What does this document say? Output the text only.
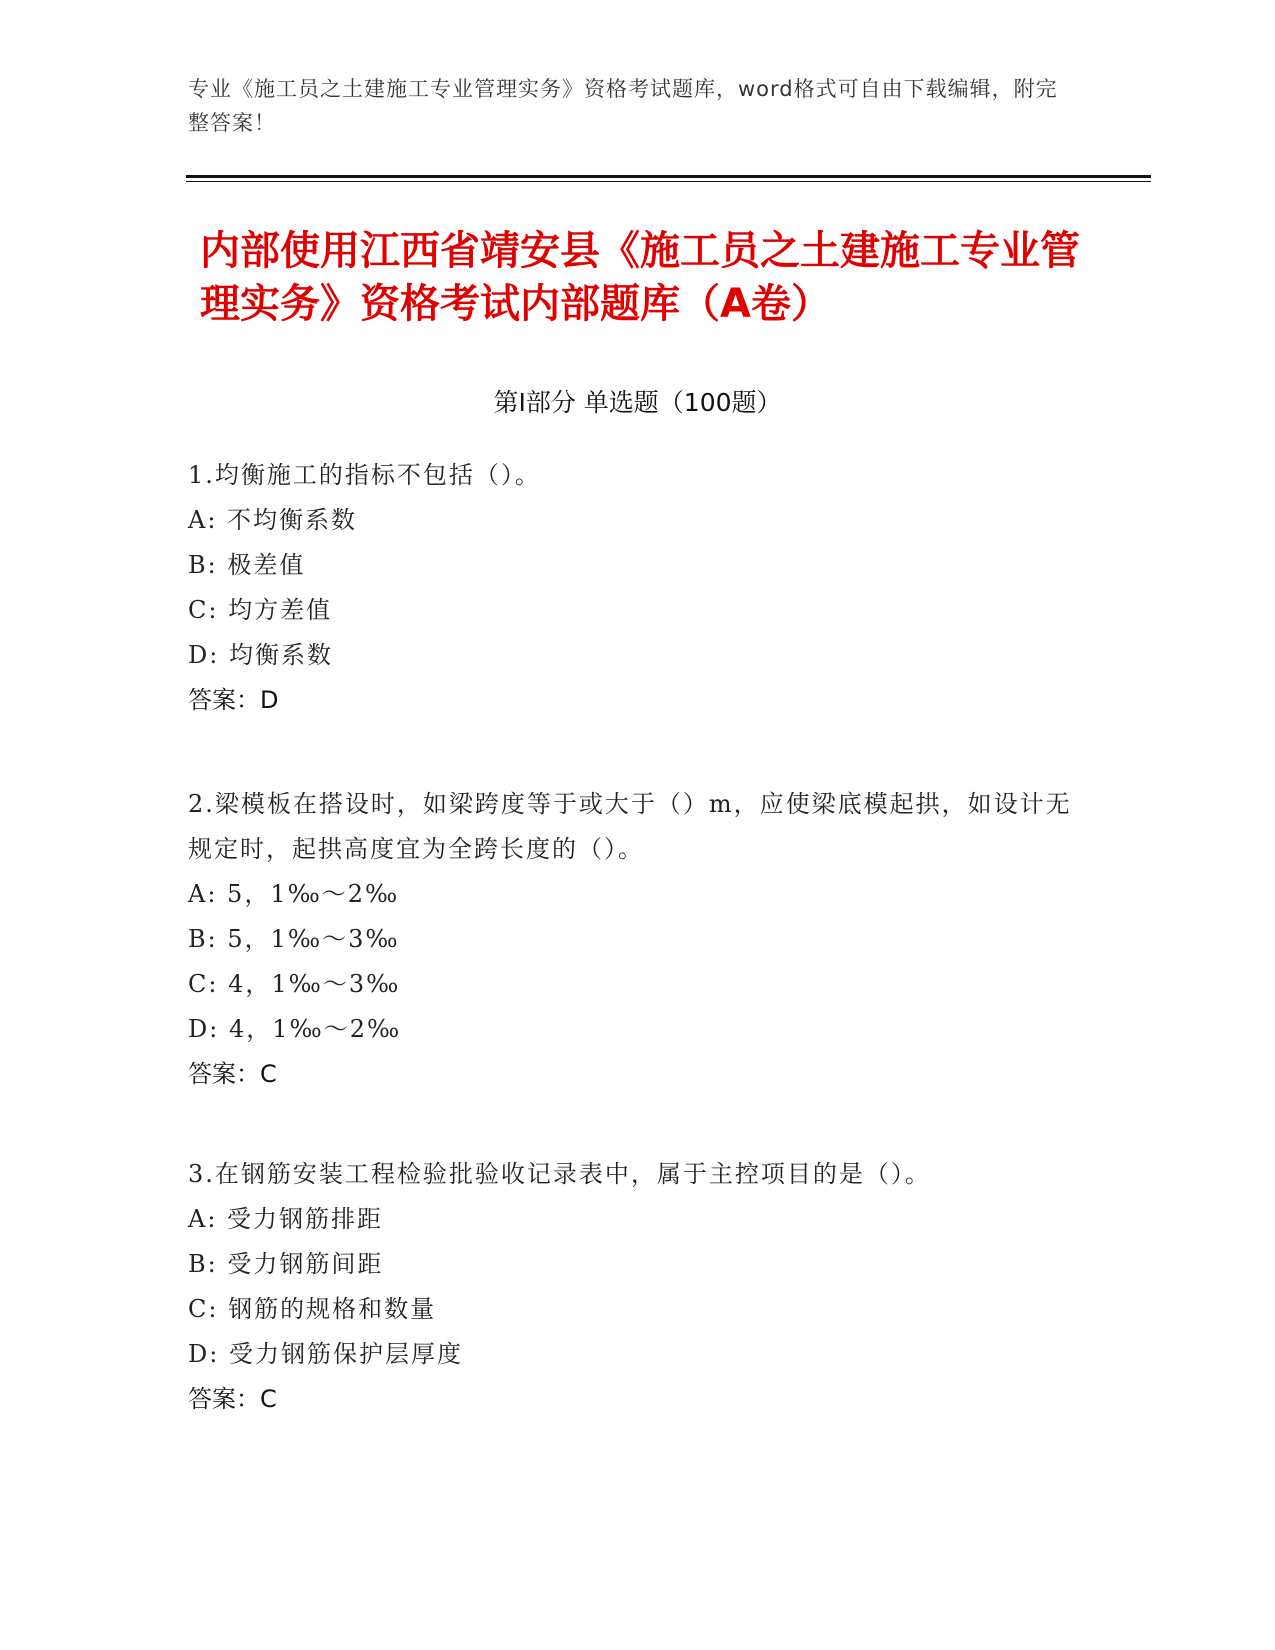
专业《施工员之土建施工专业管理实务》资格考试题库，word格式可自由下载编辑，附完整答案！
内部使用江西省靖安县《施工员之土建施工专业管理实务》资格考试内部题库（A卷）
第Ⅰ部分 单选题（100题）
1.均衡施工的指标不包括（）。
A: 不均衡系数
B: 极差值
C: 均方差值
D: 均衡系数
答案：D
2.梁模板在搭设时，如梁跨度等于或大于（）m，应使梁底模起拱，如设计无规定时，起拱高度宜为全跨长度的（）。
A: 5，1‰～2‰
B: 5，1‰～3‰
C: 4，1‰～3‰
D: 4，1‰～2‰
答案：C
3.在钢筋安装工程检验批验收记录表中，属于主控项目的是（）。
A: 受力钢筋排距
B: 受力钢筋间距
C: 钢筋的规格和数量
D: 受力钢筋保护层厚度
答案：C
